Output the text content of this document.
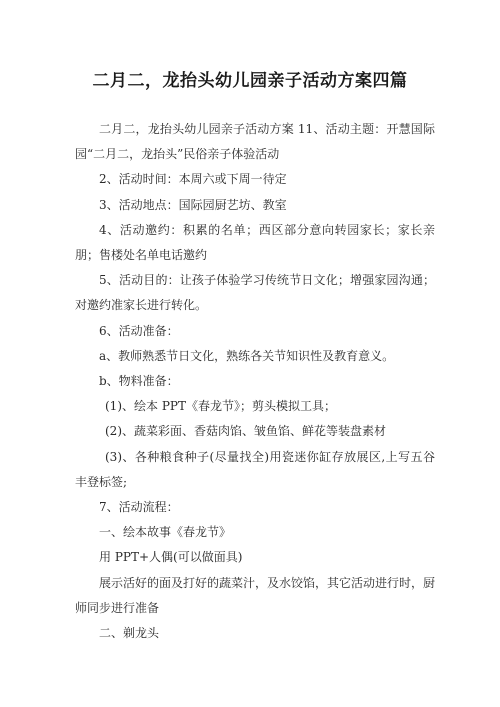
二月二，龙抬头幼儿园亲子活动方案四篇

二月二，龙抬头幼儿园亲子活动方案 11、活动主题：开慧国际园“二月二，龙抬头”民俗亲子体验活动

2、活动时间：本周六或下周一待定

3、活动地点：国际园厨艺坊、教室

4、活动邀约：积累的名单；西区部分意向转园家长；家长亲朋；售楼处名单电话邀约

5、活动目的：让孩子体验学习传统节日文化；增强家园沟通；对邀约准家长进行转化。

6、活动准备：

a、教师熟悉节日文化，熟练各关节知识性及教育意义。

b、物料准备：

(1)、绘本 PPT《春龙节》；剪头模拟工具；

(2)、蔬菜彩面、香菇肉馅、皱鱼馅、鲜花等装盘素材

(3)、各种粮食种子(尽量找全)用瓷迷你缸存放展区,上写五谷丰登标签;

7、活动流程：

一、绘本故事《春龙节》

用 PPT+人偶(可以做面具)

展示活好的面及打好的蔬菜汁，及水饺馅，其它活动进行时，厨师同步进行准备

二、剃龙头
